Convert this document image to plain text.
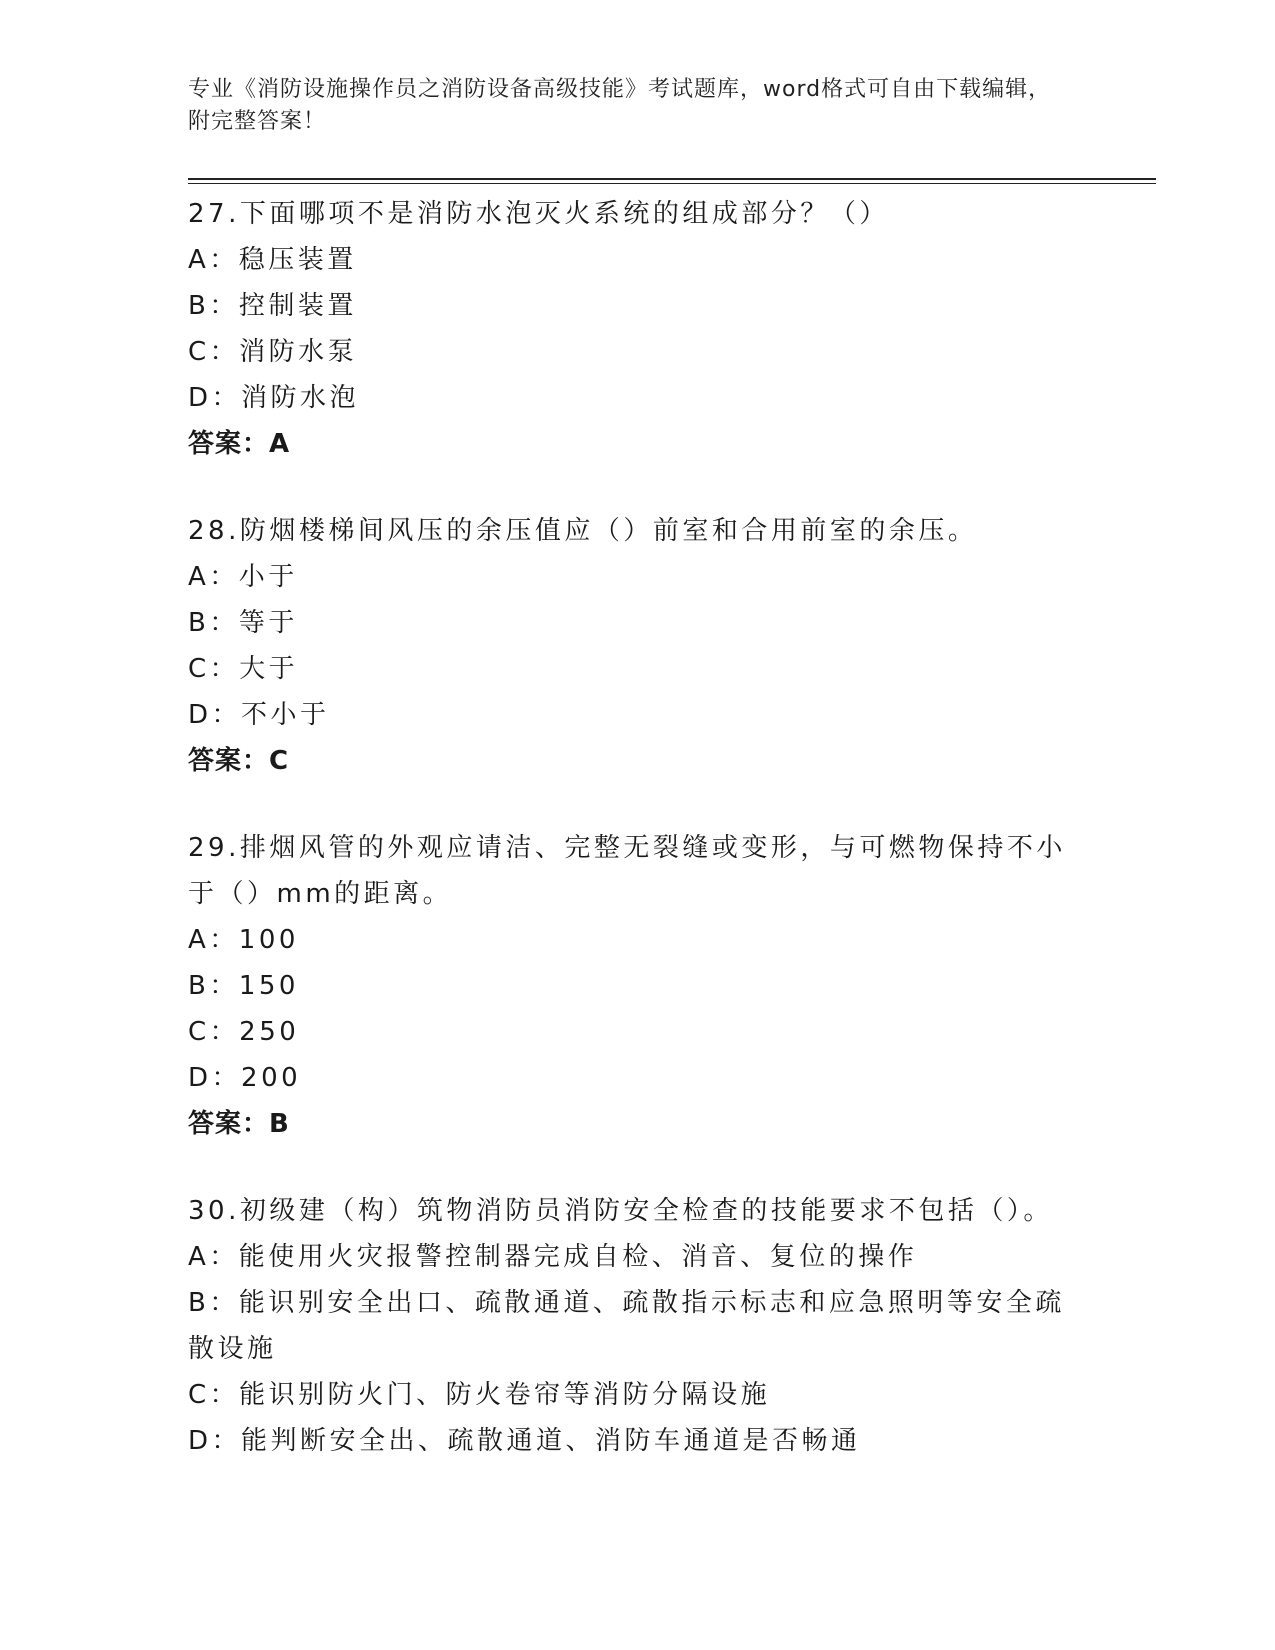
专业《消防设施操作员之消防设备高级技能》考试题库，word格式可自由下载编辑，附完整答案！

27.下面哪项不是消防水泡灭火系统的组成部分？（）

A：稳压装置

B：控制装置

C：消防水泵

D：消防水泡

答案：A

28.防烟楼梯间风压的余压值应（）前室和合用前室的余压。

A：小于

B：等于

C：大于

D：不小于

答案：C

29.排烟风管的外观应请洁、完整无裂缝或变形，与可燃物保持不小于（）mm的距离。

A：100

B：150

C：250

D：200

答案：B

30.初级建（构）筑物消防员消防安全检查的技能要求不包括（）。

A：能使用火灾报警控制器完成自检、消音、复位的操作

B：能识别安全出口、疏散通道、疏散指示标志和应急照明等安全疏散设施

C：能识别防火门、防火卷帘等消防分隔设施

D：能判断安全出、疏散通道、消防车通道是否畅通
